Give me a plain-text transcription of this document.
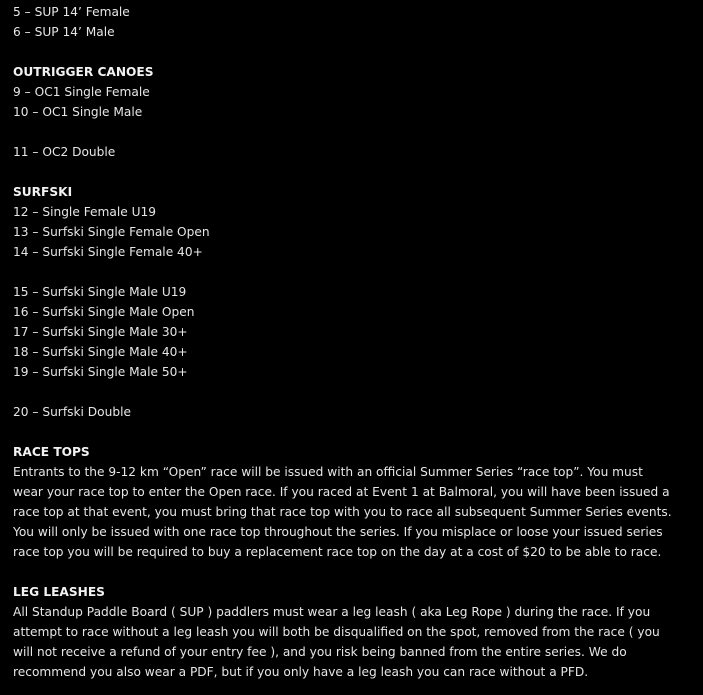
5 – SUP 14’ Female
6 – SUP 14’ Male
OUTRIGGER CANOES
9 – OC1 Single Female
10 – OC1 Single Male
11 – OC2 Double
SURFSKI
12 – Single Female U19
13 – Surfski Single Female Open
14 – Surfski Single Female 40+
15 – Surfski Single Male U19
16 – Surfski Single Male Open
17 – Surfski Single Male 30+
18 – Surfski Single Male 40+
19 – Surfski Single Male 50+
20 – Surfski Double
RACE TOPS
Entrants to the 9-12 km “Open” race will be issued with an official Summer Series “race top”. You must
wear your race top to enter the Open race. If you raced at Event 1 at Balmoral, you will have been issued a
race top at that event, you must bring that race top with you to race all subsequent Summer Series events.
You will only be issued with one race top throughout the series. If you misplace or loose your issued series
race top you will be required to buy a replacement race top on the day at a cost of $20 to be able to race.
LEG LEASHES
All Standup Paddle Board ( SUP ) paddlers must wear a leg leash ( aka Leg Rope ) during the race. If you
attempt to race without a leg leash you will both be disqualified on the spot, removed from the race ( you
will not receive a refund of your entry fee ), and you risk being banned from the entire series. We do
recommend you also wear a PDF, but if you only have a leg leash you can race without a PFD.
